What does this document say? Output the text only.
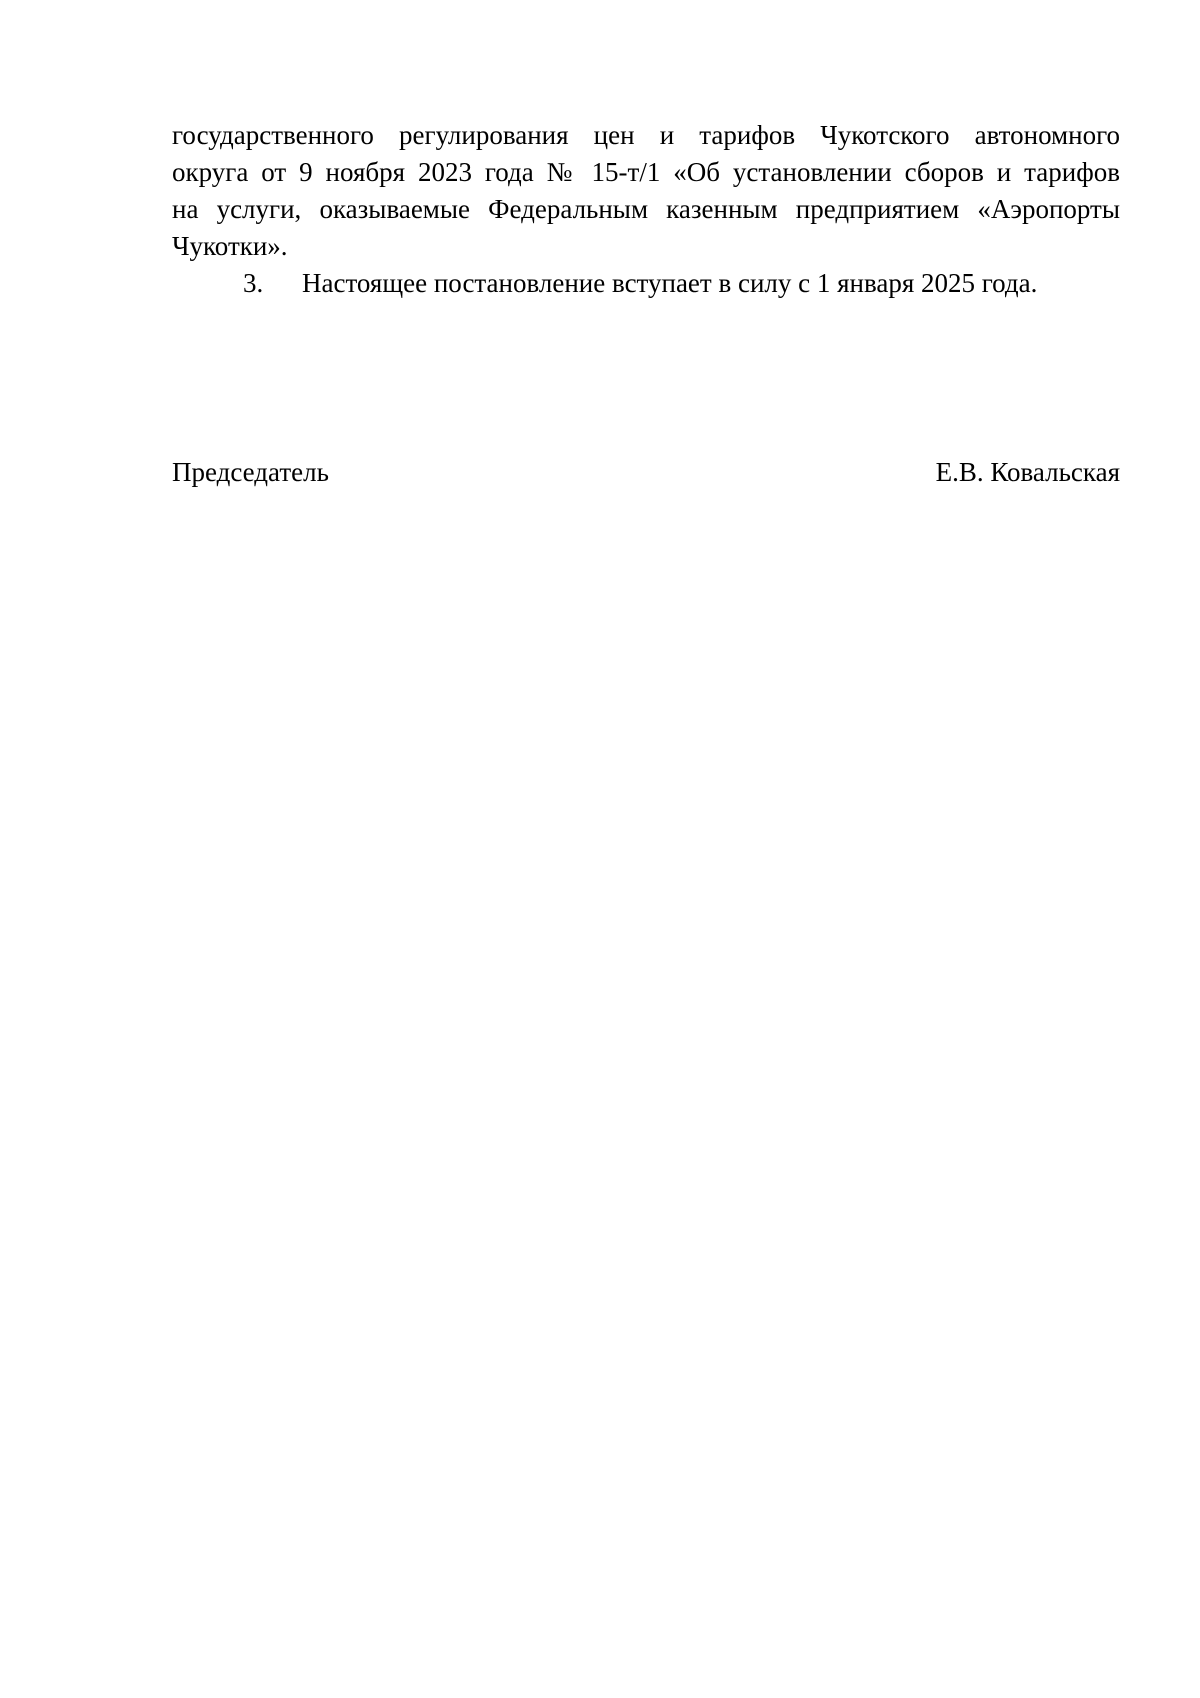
государственного регулирования цен и тарифов Чукотского автономного
округа от 9 ноября 2023 года № 15-т/1 «Об установлении сборов и тарифов
на услуги, оказываемые Федеральным казенным предприятием «Аэропорты
Чукотки».
3. Настоящее постановление вступает в силу с 1 января 2025 года.
Председатель	Е.В. Ковальская
